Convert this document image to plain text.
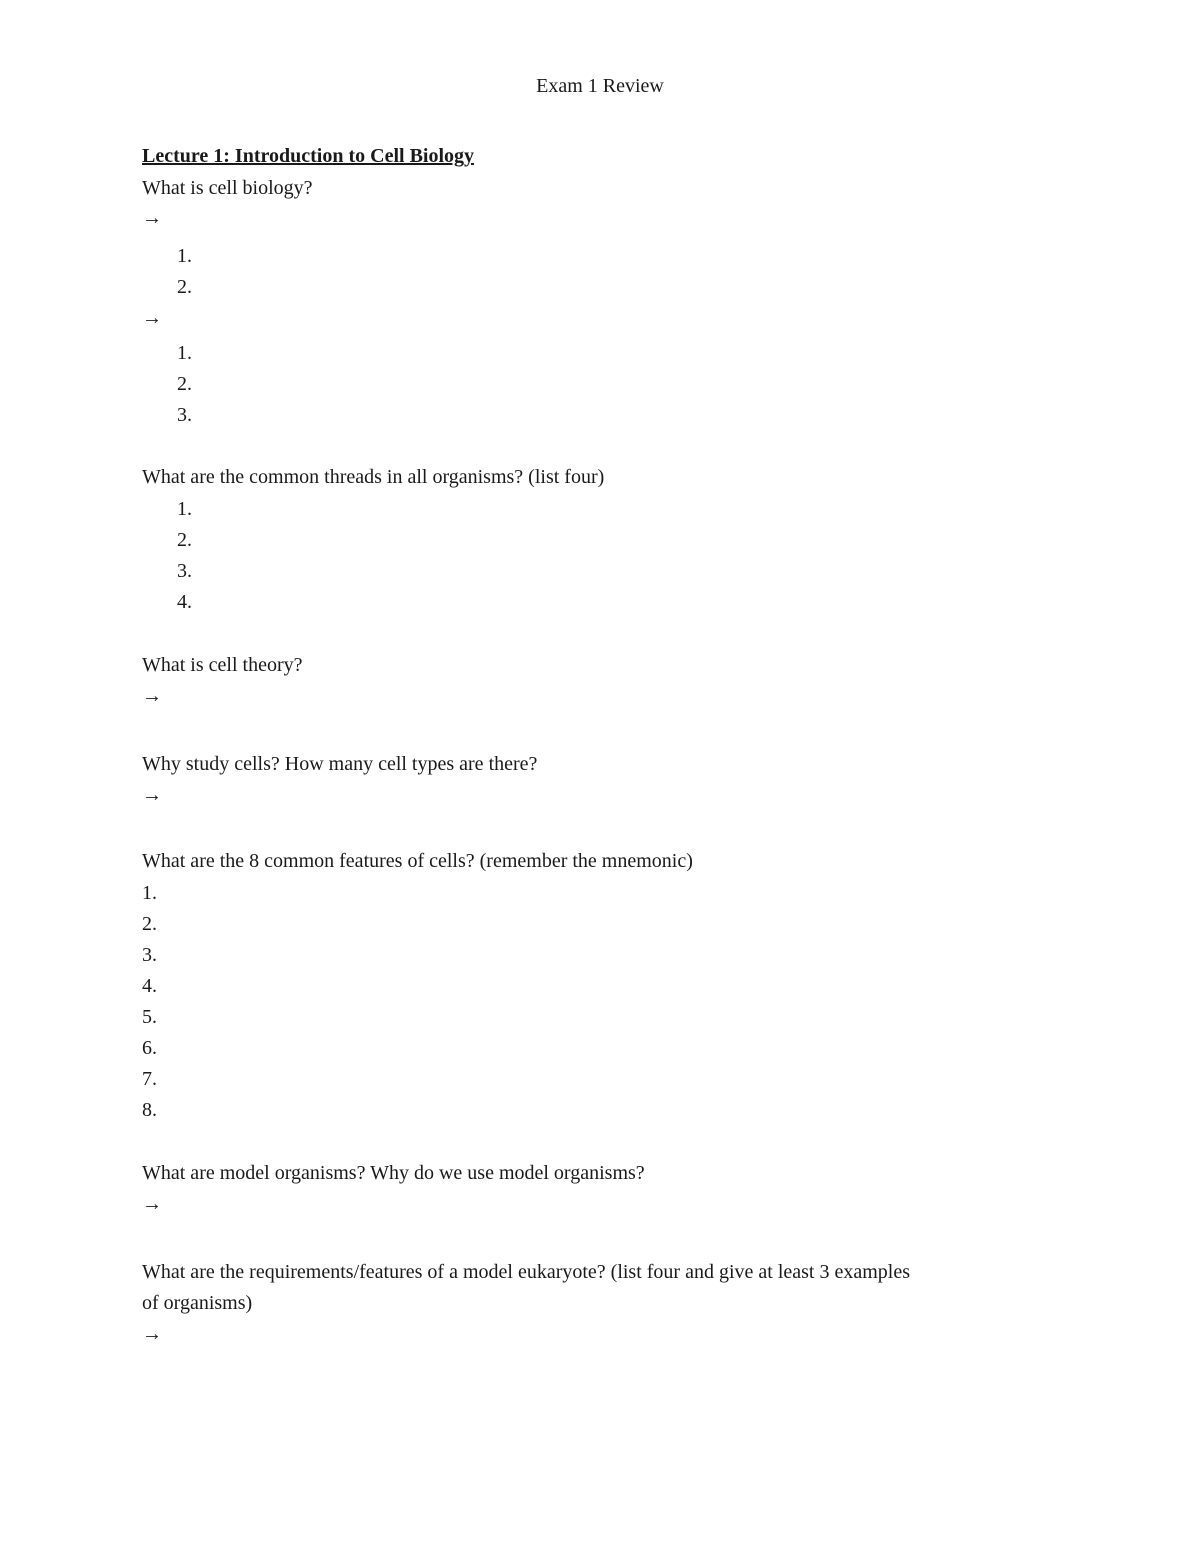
Exam 1 Review
Lecture 1: Introduction to Cell Biology
What is cell biology?
→
1.
2.
→
1.
2.
3.
What are the common threads in all organisms? (list four)
1.
2.
3.
4.
What is cell theory?
→
Why study cells? How many cell types are there?
→
What are the 8 common features of cells? (remember the mnemonic)
1.
2.
3.
4.
5.
6.
7.
8.
What are model organisms? Why do we use model organisms?
→
What are the requirements/features of a model eukaryote? (list four and give at least 3 examples
of organisms)
→
